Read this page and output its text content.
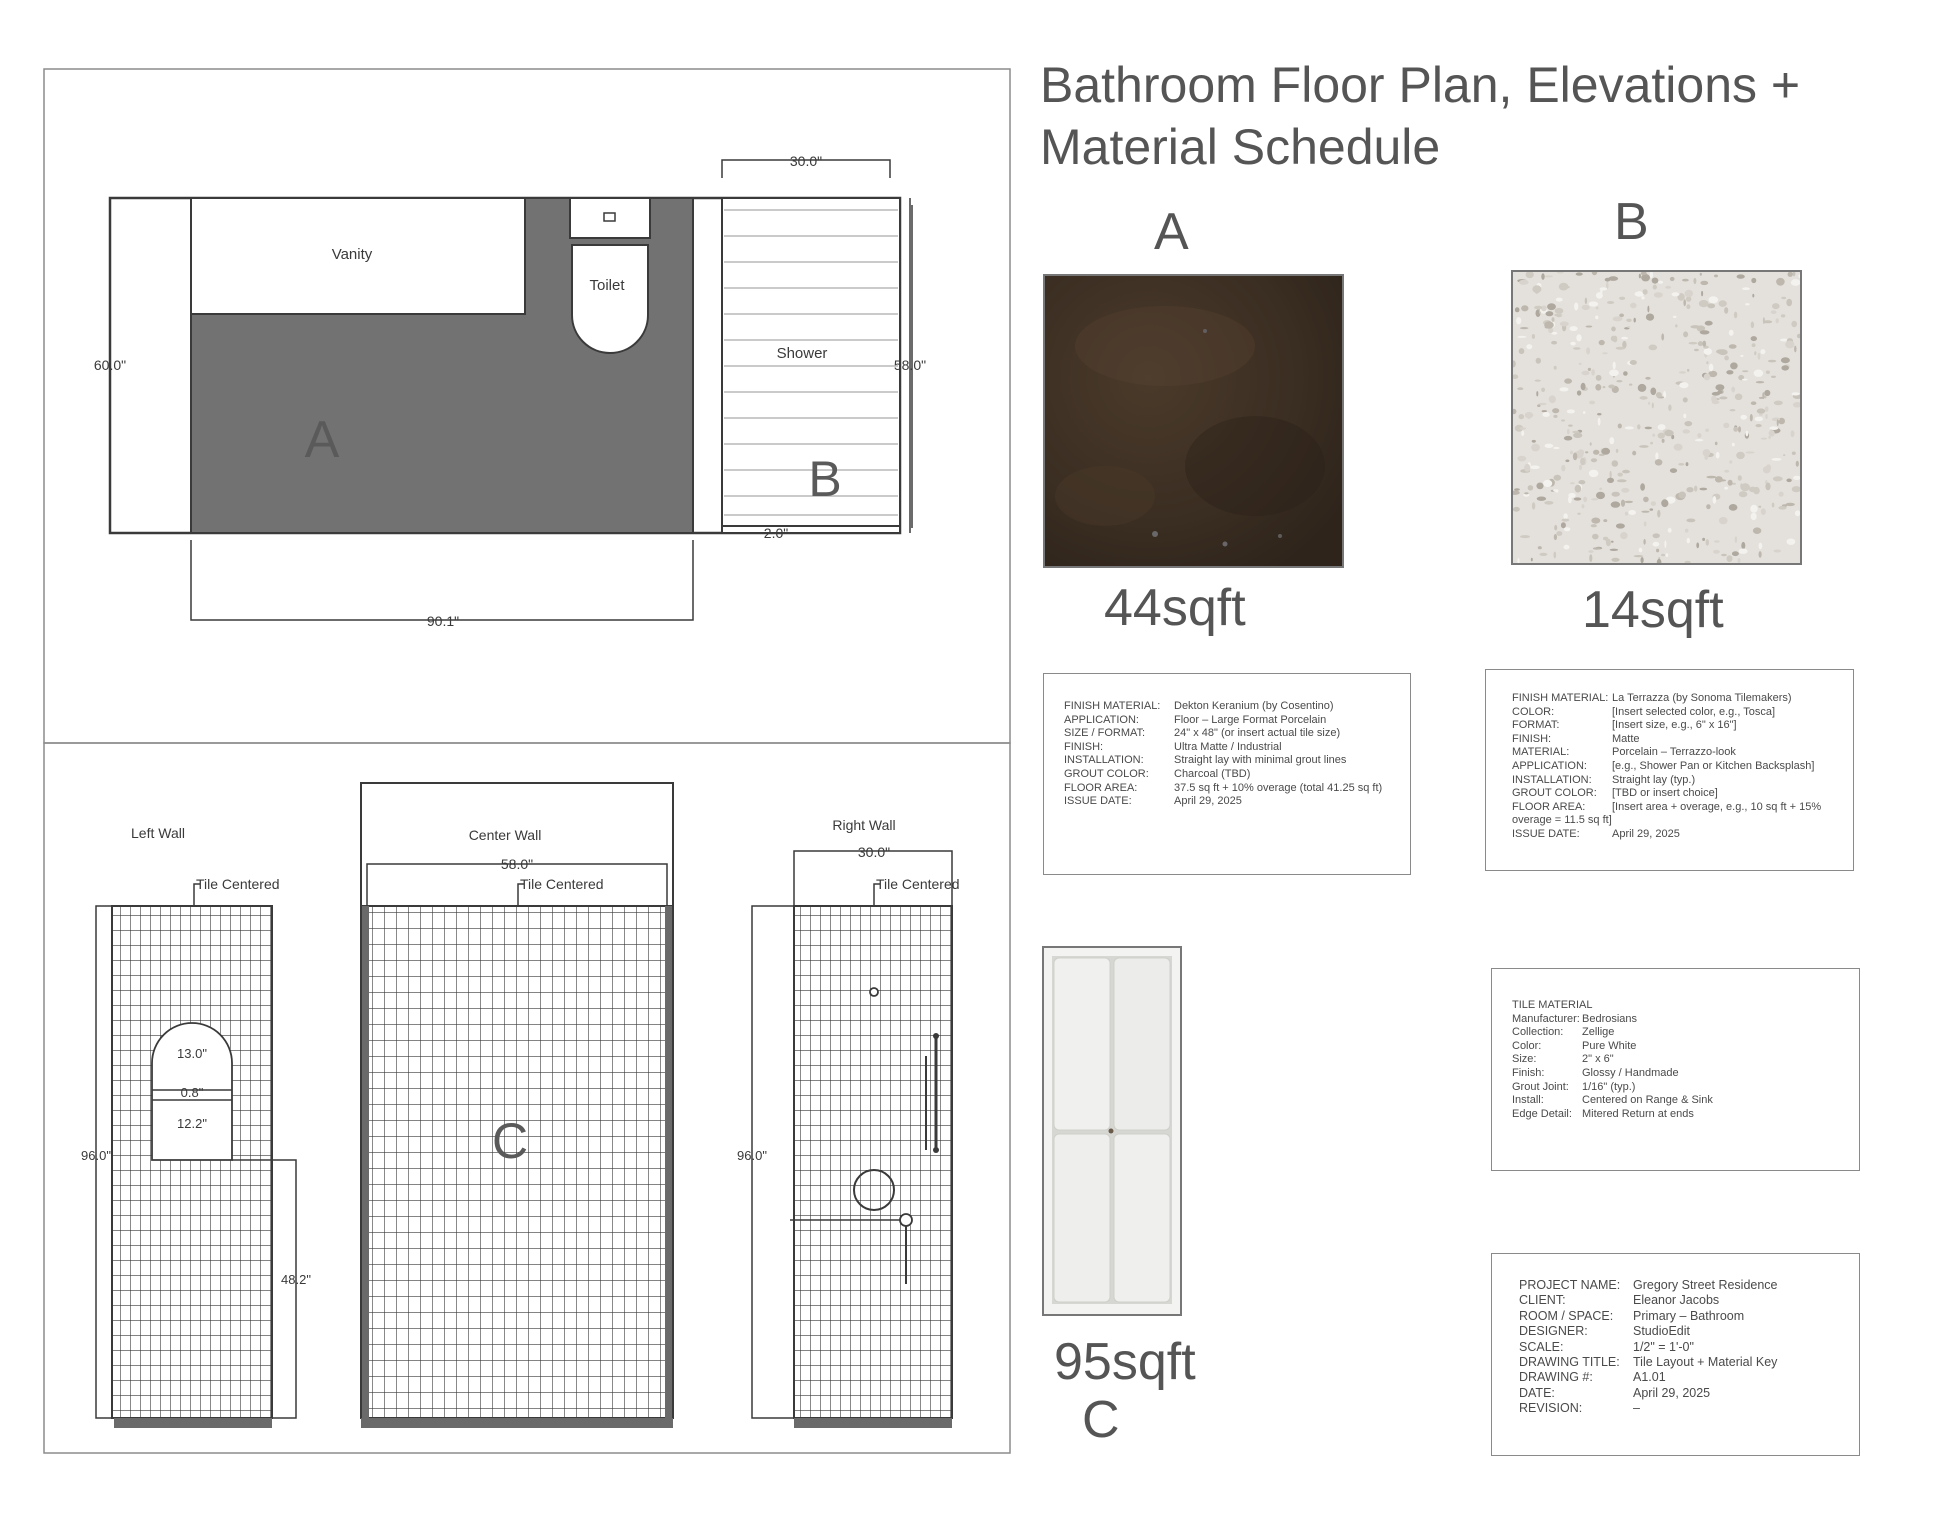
Vanity
Toilet
Shower
A
B
30.0"
90.1"
60.0"	58.0"
2.0"
Left Wall
Tile Centered
13.0"
0.8"
12.2"
96.0"
48.2"
Center Wall
58.0"
Tile Centered
C
Right Wall
30.0"
Tile Centered
96.0"
Bathroom Floor Plan, Elevations + Material Schedule
A
44sqft
FINISH MATERIAL:	Dekton Keranium (by Cosentino)
APPLICATION:	Floor – Large Format Porcelain
SIZE / FORMAT:	24" x 48" (or insert actual tile size)
FINISH:	Ultra Matte / Industrial
INSTALLATION:	Straight lay with minimal grout lines
GROUT COLOR:	Charcoal (TBD)
FLOOR AREA:	37.5 sq ft + 10% overage (total 41.25 sq ft)
ISSUE DATE:	April 29, 2025
B
14sqft
FINISH MATERIAL: La Terrazza (by Sonoma Tilemakers)
COLOR:	[Insert selected color, e.g., Tosca]
FORMAT:	[Insert size, e.g., 6" x 16"]
FINISH:	Matte
MATERIAL:	Porcelain – Terrazzo-look
APPLICATION:	[e.g., Shower Pan or Kitchen Backsplash]
INSTALLATION:	Straight lay (typ.)
GROUT COLOR:	[TBD or insert choice]
FLOOR AREA:	[Insert area + overage, e.g., 10 sq ft + 15%
overage = 11.5 sq ft]
ISSUE DATE:	April 29, 2025
95sqft
C
TILE MATERIAL
Manufacturer: Bedrosians
Collection:	Zellige
Color:	Pure White
Size:	2" x 6"
Finish:	Glossy / Handmade
Grout Joint:	1/16" (typ.)
Install:	Centered on Range & Sink
Edge Detail: Mitered Return at ends
PROJECT NAME:	Gregory Street Residence
CLIENT:	Eleanor Jacobs
ROOM / SPACE:	Primary – Bathroom
DESIGNER:	StudioEdit
SCALE:	1/2" = 1'-0"
DRAWING TITLE:	Tile Layout + Material Key
DRAWING #:	A1.01
DATE:	April 29, 2025
REVISION:	–
